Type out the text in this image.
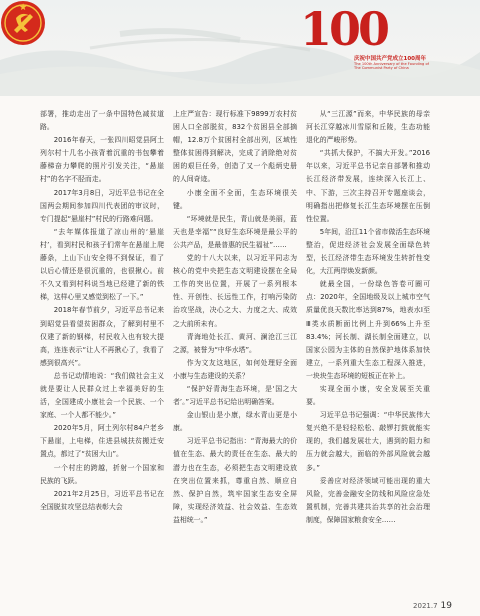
100
庆祝中国共产党成立100周年
The 100th Anniversary of the Founding of The Communist Party of China

部署，推动走出了一条中国特色减贫道路。

2016年春天，一张四川昭觉县阿土列尔村十几名小孩背着沉重的书包攀着藤梯奋力攀爬的照片引发关注，“悬崖村”的名字不胫而走。

2017年3月8日，习近平总书记在全国两会期间参加四川代表团的审议时，专门提起“悬崖村”村民的行路难问题。

“去年媒体报道了凉山州的‘悬崖村’，看到村民和孩子们常年在悬崖上爬藤条，上山下山安全得不到保证，看了以后心情还是很沉重的，也很揪心。前不久又看到村科说当地已经建了新的铁梯，这样心里又感觉到松了一下。”

2018年春节前夕，习近平总书记来到昭觉县看望贫困群众，了解到村里不仅建了新的钢梯，村民收入也有较大提高，连连表示“让人不再揪心了，我看了感到很高兴”。

总书记动情地说：“我们做社会主义就是要让人民群众过上幸福美好的生活，全国建成小康社会一个民族、一个家庭、一个人都不能少。”

2020年5月，阿土列尔村84户老乡下悬崖，上电梯，住进县城扶贫搬迁安置点，都过了“贫困大山”。

一个村庄的跨越，折射一个国家和民族的飞跃。

2021年2月25日，习近平总书记在全国脱贫攻坚总结表彰大会

上庄严宣告：现行标准下9899万农村贫困人口全部脱贫，832个贫困县全部摘帽，12.8万个贫困村全部出列，区域性整体贫困得到解决，完成了消除绝对贫困的艰巨任务，创造了又一个彪炳史册的人间奇迹。

小康全面不全面，生态环境很关键。

“环境就是民生，青山就是美丽，蓝天也是幸福”“良好生态环境是最公平的公共产品，是最普惠的民生福祉”……

党的十八大以来，以习近平同志为核心的党中央把生态文明建设摆在全局工作的突出位置，开展了一系列根本性、开创性、长远性工作，打响污染防治攻坚战，决心之大、力度之大、成效之大前所未有。

青海地处长江、黄河、澜沧江三江之源，被誉为“中华水塔”。

作为文友这地区，如何处理好全面小康与生态建设的关系？

“保护好青海生态环境，是‘国之大者’。”习近平总书记给出明确答案。

金山银山是小康，绿水青山更是小康。

习近平总书记指出：“青海最大的价值在生态、最大的责任在生态、最大的潜力也在生态，必须把生态文明建设放在突出位置来抓，尊重自然、顺应自然、保护自然，筑牢国家生态安全屏障，实现经济效益、社会效益、生态效益相统一。”

从“三江源”而来，中华民族的母亲河长江穿越冰川雪原和丘陵，生态功能退化的严峻形势。

“共抓大保护，不搞大开发。”2016年以来，习近平总书记亲自部署和推动长江经济带发展，连续深入长江上、中、下游，三次主持召开专题座谈会，明确指出把修复长江生态环境摆在压倒性位置。

5年间，沿江11个省市做活生态环境整治，促进经济社会发展全面绿色转型，长江经济带生态环境发生转折性变化，大江两岸焕发新颜。

就最全国，一份绿色答卷可圈可点：2020年，全国地级及以上城市空气质量优良天数比率达到87%，地表水Ⅰ至Ⅲ类水质断面比例上升到66%上升至83.4%；河长制、湖长制全面建立，以国家公园为主体的自然保护地体系加快建立，一系列重大生态工程深入推进，一块块生态环境的短板正在补上。

实现全面小康，安全发展至关重要。

习近平总书记强调：“中华民族伟大复兴绝不是轻轻松松、敲锣打鼓就能实现的，我们越发展壮大，遇到的阻力和压力就会越大，面临的外部风险就会越多。”

妥善应对经济领域可能出现的重大风险，完善金融安全防线和风险应急处置机制，完善共建共治共享的社会治理制度，保障国家粮食安全……

2021.7 19
